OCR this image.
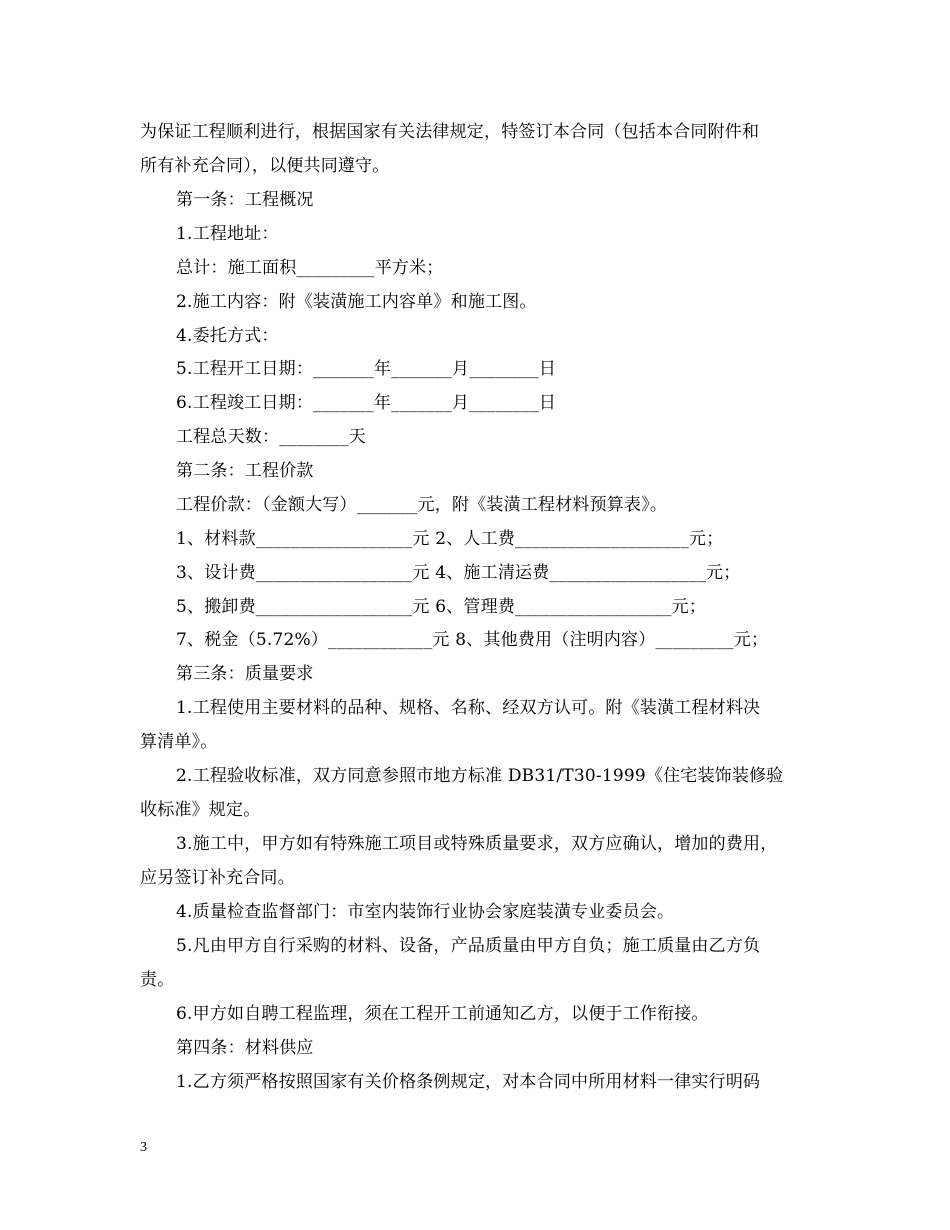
为保证工程顺利进行，根据国家有关法律规定，特签订本合同（包括本合同附件和
所有补充合同），以便共同遵守。
第一条：工程概况
1.工程地址：
总计：施工面积_________平方米；
2.施工内容：附《装潢施工内容单》和施工图。
4.委托方式：
5.工程开工日期：_______年_______月________日
6.工程竣工日期：_______年_______月________日
工程总天数：________天
第二条：工程价款
工程价款：（金额大写）_______元，附《装潢工程材料预算表》。
1、材料款__________________元 2、人工费____________________元；
3、设计费__________________元 4、施工清运费__________________元；
5、搬卸费__________________元 6、管理费__________________元；
7、税金（5.72%）____________元 8、其他费用（注明内容）_________元；
第三条：质量要求
1.工程使用主要材料的品种、规格、名称、经双方认可。附《装潢工程材料决
算清单》。
2.工程验收标准，双方同意参照市地方标准 DB31/T30-1999《住宅装饰装修验
收标准》规定。
3.施工中，甲方如有特殊施工项目或特殊质量要求，双方应确认，增加的费用，
应另签订补充合同。
4.质量检查监督部门：市室内装饰行业协会家庭装潢专业委员会。
5.凡由甲方自行采购的材料、设备，产品质量由甲方自负；施工质量由乙方负
责。
6.甲方如自聘工程监理，须在工程开工前通知乙方，以便于工作衔接。
第四条：材料供应
1.乙方须严格按照国家有关价格条例规定，对本合同中所用材料一律实行明码
3
